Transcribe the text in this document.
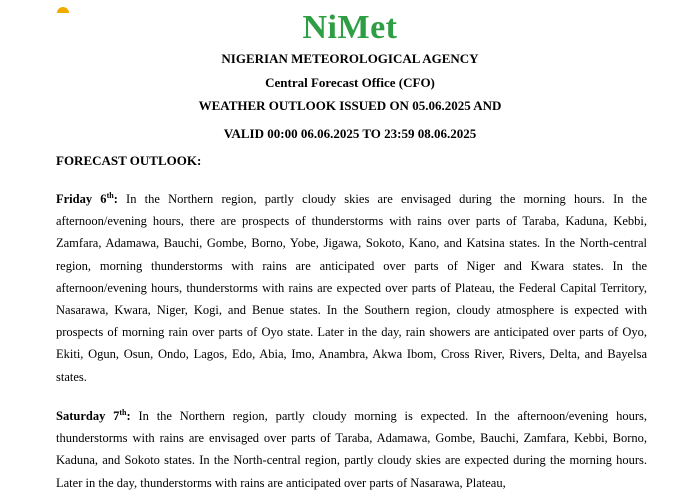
NiMet
NIGERIAN METEOROLOGICAL AGENCY
Central Forecast Office (CFO)
WEATHER OUTLOOK ISSUED ON 05.06.2025 AND
VALID 00:00 06.06.2025 TO 23:59 08.06.2025
FORECAST OUTLOOK:

Friday 6th: In the Northern region, partly cloudy skies are envisaged during the morning hours. In the afternoon/evening hours, there are prospects of thunderstorms with rains over parts of Taraba, Kaduna, Kebbi, Zamfara, Adamawa, Bauchi, Gombe, Borno, Yobe, Jigawa, Sokoto, Kano, and Katsina states. In the North-central region, morning thunderstorms with rains are anticipated over parts of Niger and Kwara states. In the afternoon/evening hours, thunderstorms with rains are expected over parts of Plateau, the Federal Capital Territory, Nasarawa, Kwara, Niger, Kogi, and Benue states. In the Southern region, cloudy atmosphere is expected with prospects of morning rain over parts of Oyo state. Later in the day, rain showers are anticipated over parts of Oyo, Ekiti, Ogun, Osun, Ondo, Lagos, Edo, Abia, Imo, Anambra, Akwa Ibom, Cross River, Rivers, Delta, and Bayelsa states.

Saturday 7th: In the Northern region, partly cloudy morning is expected. In the afternoon/evening hours, thunderstorms with rains are envisaged over parts of Taraba, Adamawa, Gombe, Bauchi, Zamfara, Kebbi, Borno, Kaduna, and Sokoto states. In the North-central region, partly cloudy skies are expected during the morning hours. Later in the day, thunderstorms with rains are anticipated over parts of Nasarawa, Plateau,
